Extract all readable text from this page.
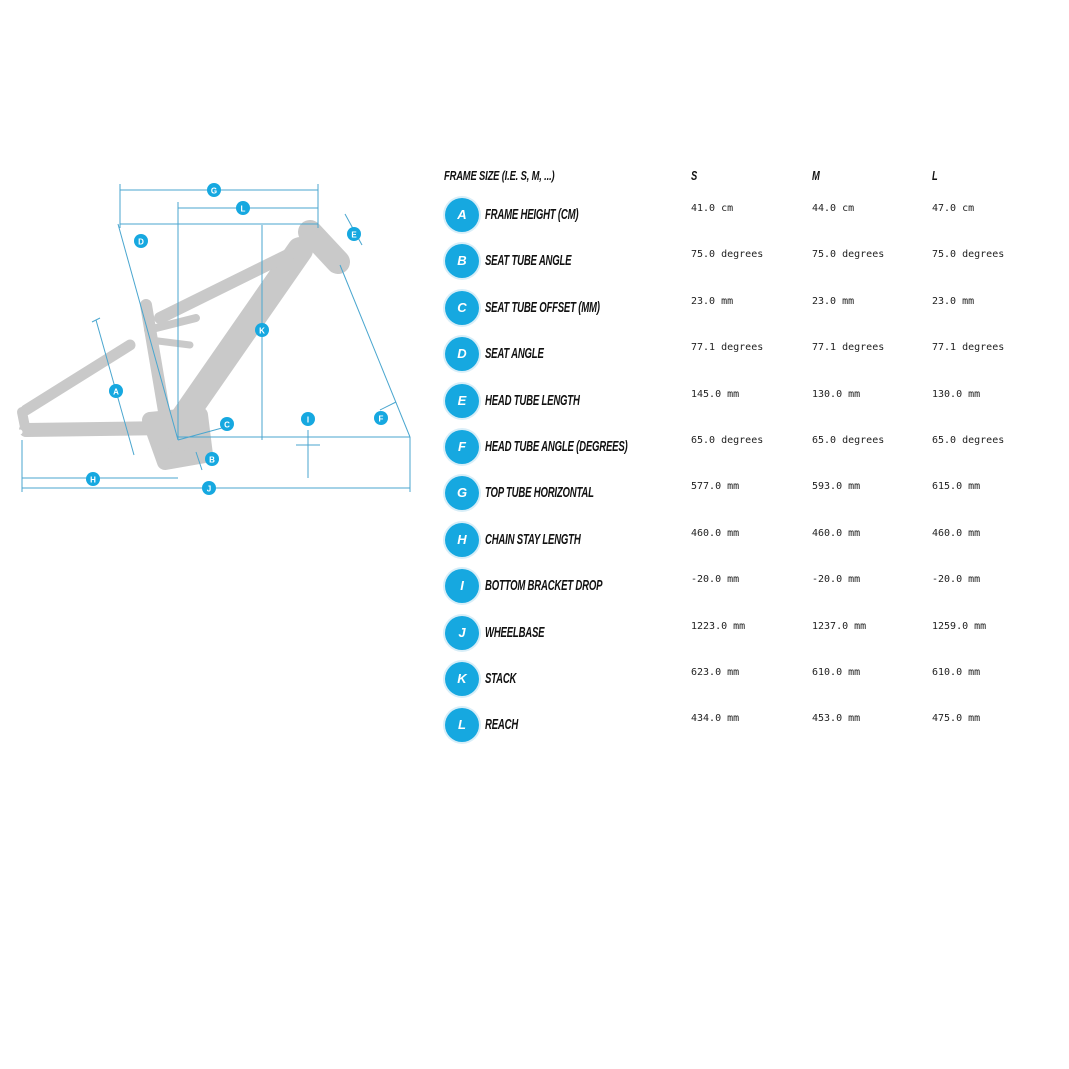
G
L
D
E
K
A
C
I	F
B
H
J
FRAME SIZE (I.E. S, M, ...)	S	M	L
A	FRAME HEIGHT (CM)	41.0 cm	44.0 cm	47.0 cm
B	SEAT TUBE ANGLE	75.0 degrees	75.0 degrees	75.0 degrees
C	SEAT TUBE OFFSET (MM)	23.0 mm	23.0 mm	23.0 mm
D	SEAT ANGLE	77.1 degrees	77.1 degrees	77.1 degrees
E	HEAD TUBE LENGTH	145.0 mm	130.0 mm	130.0 mm
F	HEAD TUBE ANGLE (DEGREES)	65.0 degrees	65.0 degrees	65.0 degrees
G	TOP TUBE HORIZONTAL	577.0 mm	593.0 mm	615.0 mm
H	CHAIN STAY LENGTH	460.0 mm	460.0 mm	460.0 mm
I	BOTTOM BRACKET DROP	-20.0 mm	-20.0 mm	-20.0 mm
J	WHEELBASE	1223.0 mm	1237.0 mm	1259.0 mm
K	STACK	623.0 mm	610.0 mm	610.0 mm
L	REACH	434.0 mm	453.0 mm	475.0 mm
